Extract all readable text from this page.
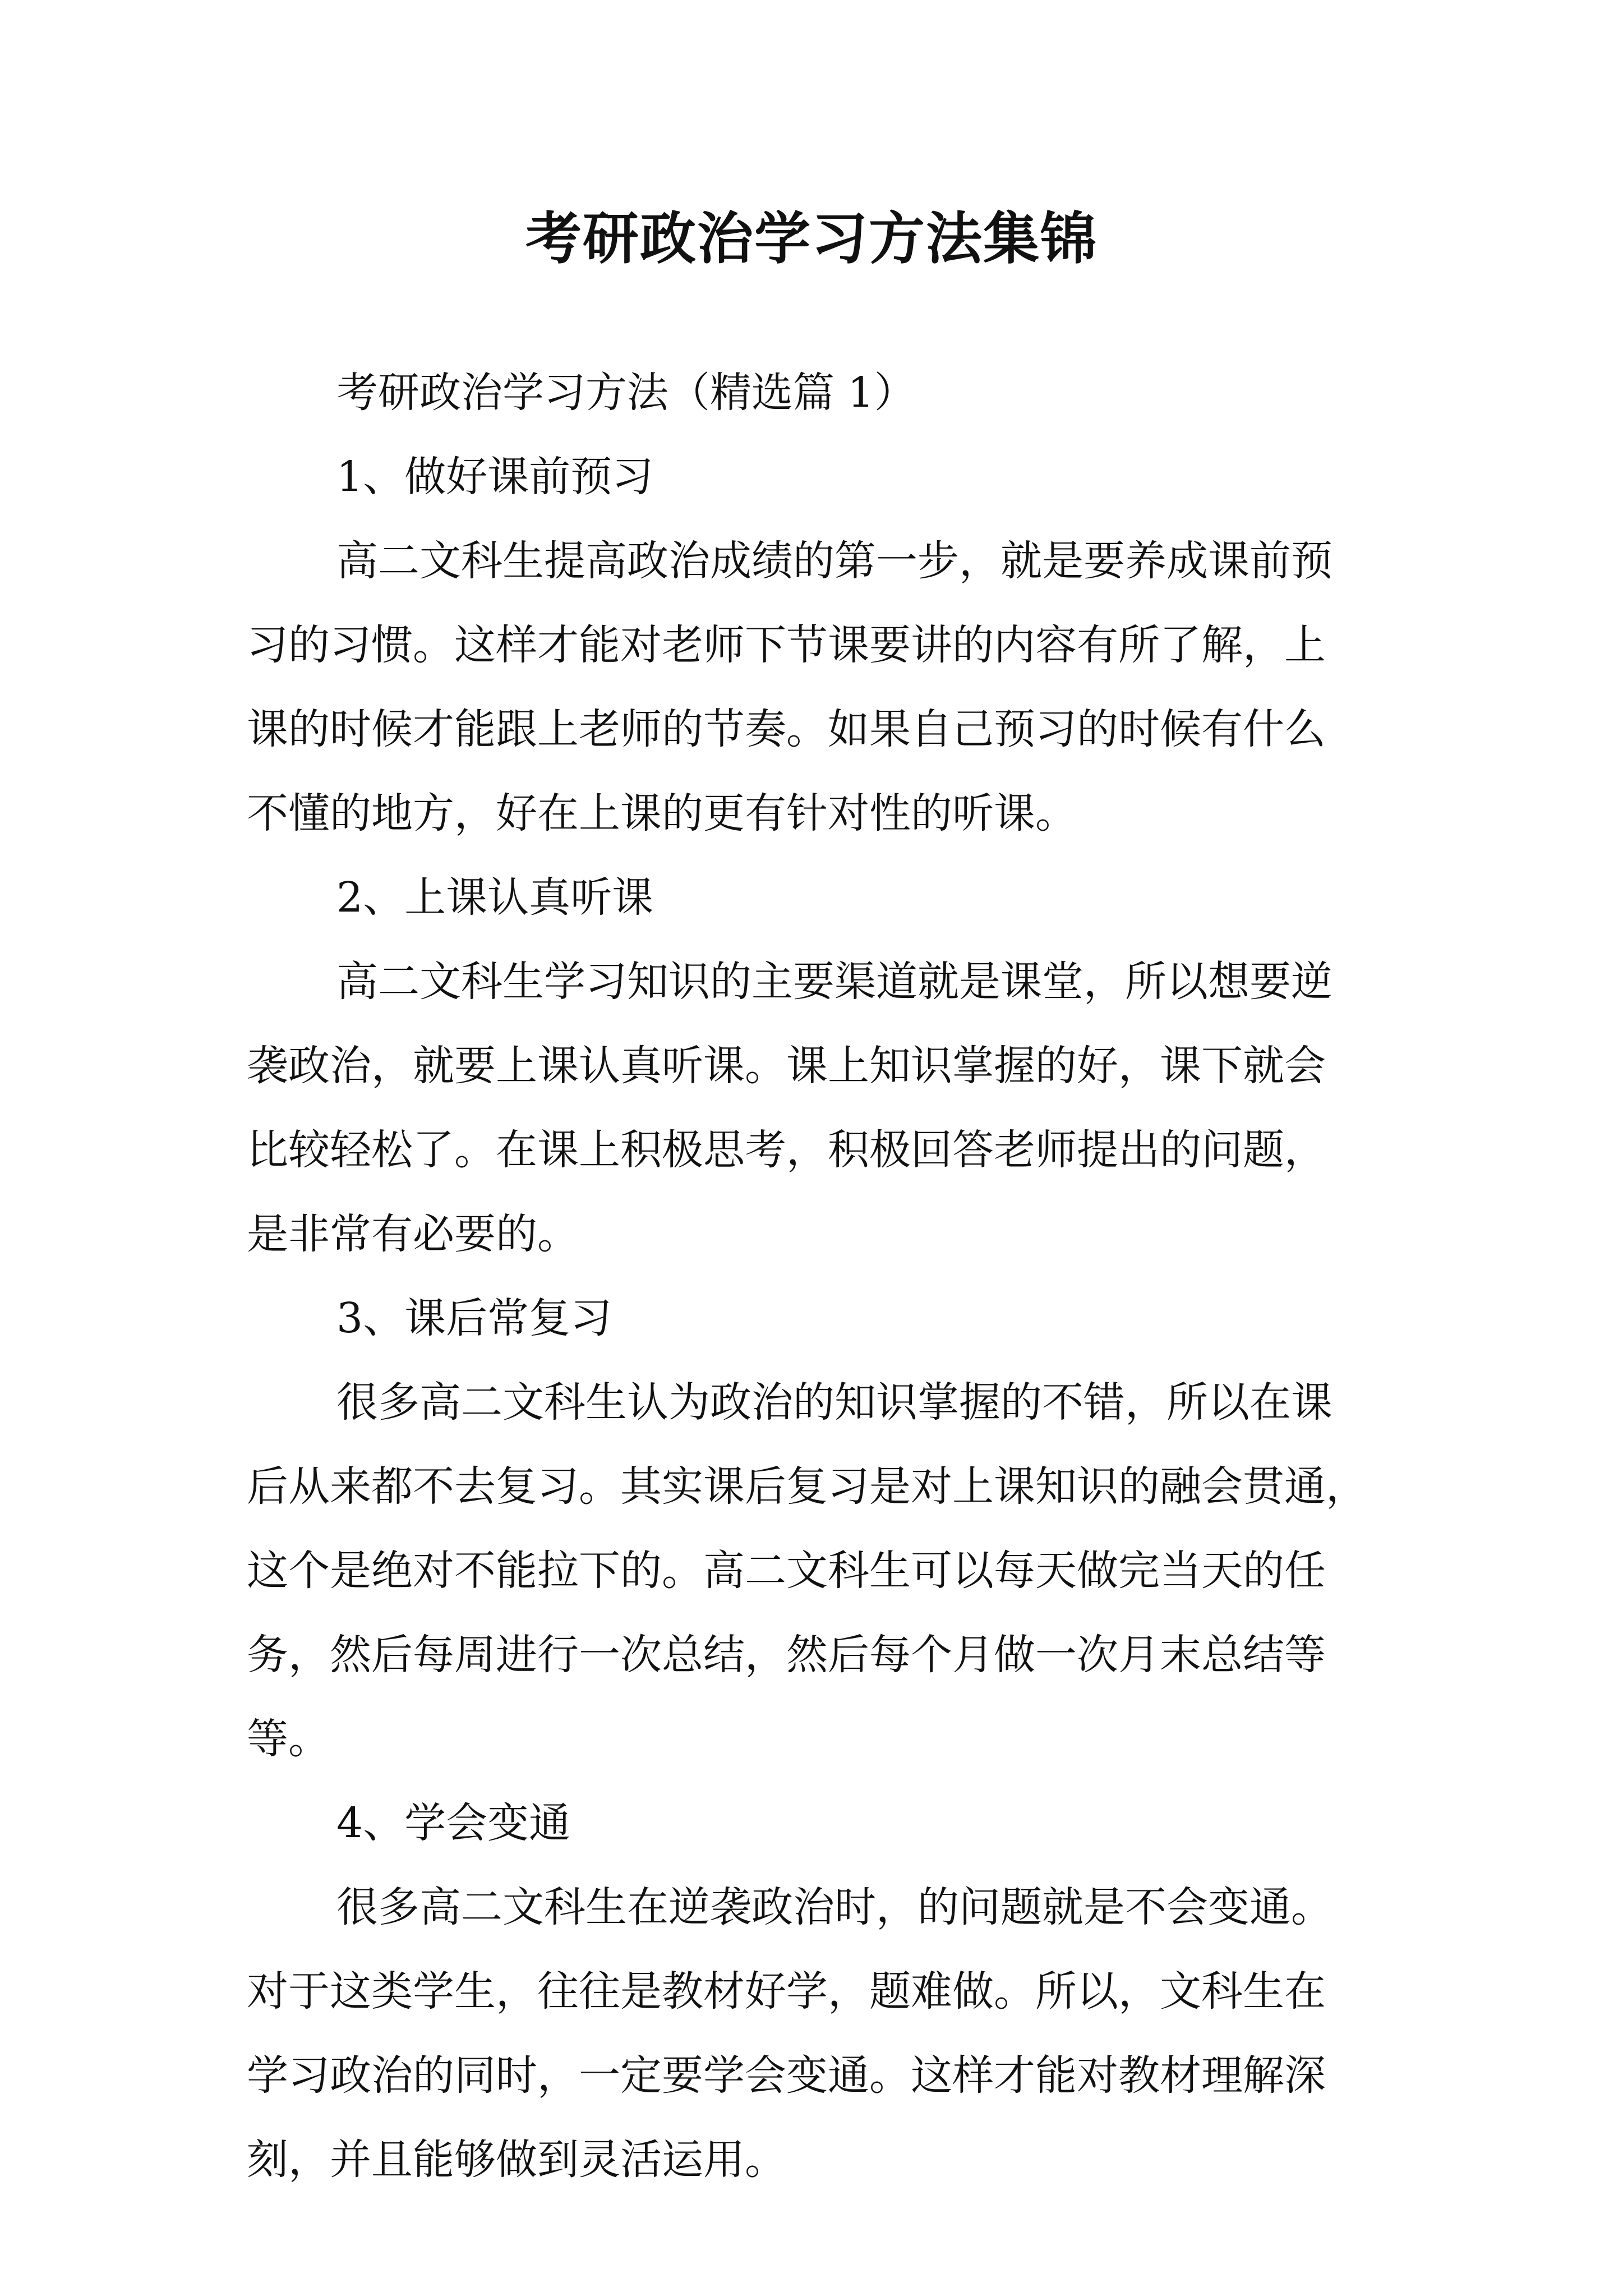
考研政治学习方法集锦
考研政治学习方法（精选篇 1）
1、做好课前预习
高二文科生提高政治成绩的第一步，就是要养成课前预
习的习惯。这样才能对老师下节课要讲的内容有所了解，上
课的时候才能跟上老师的节奏。如果自己预习的时候有什么
不懂的地方，好在上课的更有针对性的听课。
2、上课认真听课
高二文科生学习知识的主要渠道就是课堂，所以想要逆
袭政治，就要上课认真听课。课上知识掌握的好，课下就会
比较轻松了。在课上积极思考，积极回答老师提出的问题，
是非常有必要的。
3、课后常复习
很多高二文科生认为政治的知识掌握的不错，所以在课
后从来都不去复习。其实课后复习是对上课知识的融会贯通，
这个是绝对不能拉下的。高二文科生可以每天做完当天的任
务，然后每周进行一次总结，然后每个月做一次月末总结等
等。
4、学会变通
很多高二文科生在逆袭政治时，的问题就是不会变通。
对于这类学生，往往是教材好学，题难做。所以，文科生在
学习政治的同时，一定要学会变通。这样才能对教材理解深
刻，并且能够做到灵活运用。
